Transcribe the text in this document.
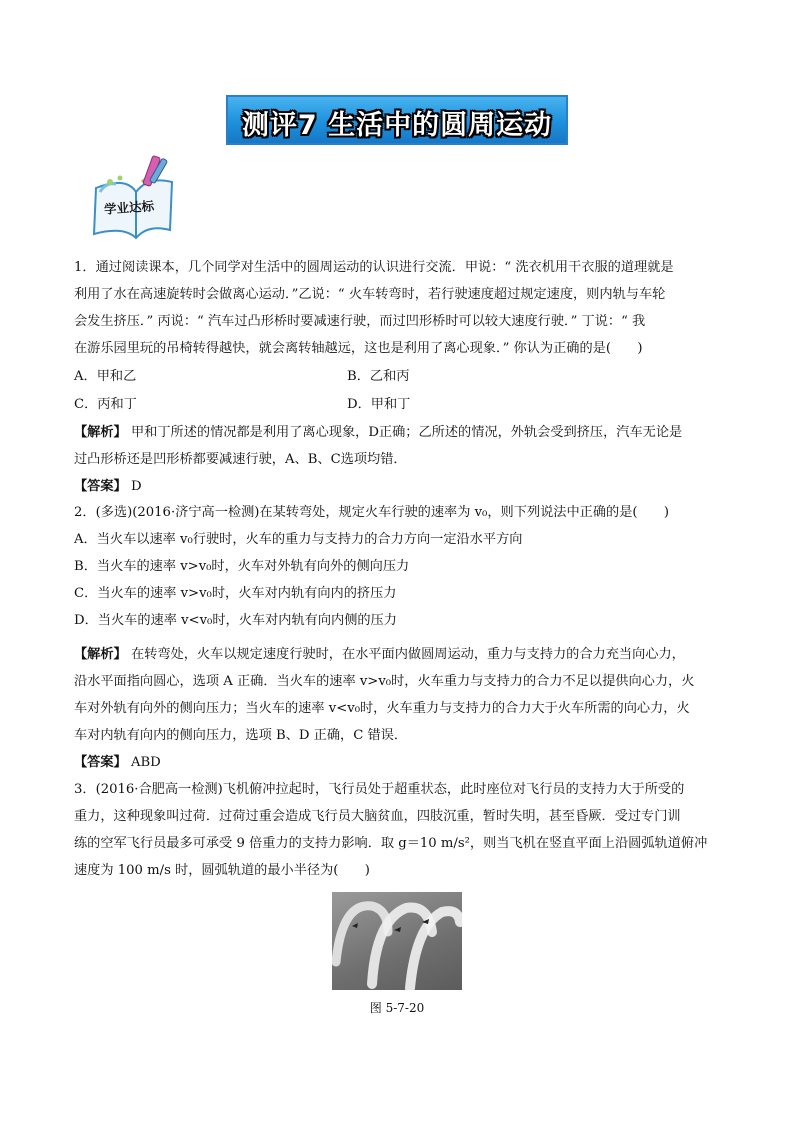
测评7 生活中的圆周运动
学业达标
1．通过阅读课本，几个同学对生活中的圆周运动的认识进行交流．甲说：“ 洗衣机用干衣服的道理就是
利用了水在高速旋转时会做离心运动．”乙说：“ 火车转弯时，若行驶速度超过规定速度，则内轨与车轮
会发生挤压．” 丙说：“ 汽车过凸形桥时要减速行驶，而过凹形桥时可以较大速度行驶．” 丁说：“ 我
在游乐园里玩的吊椅转得越快，就会离转轴越远，这也是利用了离心现象．” 你认为正确的是(　　)
A．甲和乙	B．乙和丙
C．丙和丁	D．甲和丁
【解析】 甲和丁所述的情况都是利用了离心现象，D正确；乙所述的情况，外轨会受到挤压，汽车无论是
过凸形桥还是凹形桥都要减速行驶，A、B、C选项均错．
【答案】 D
2．(多选)(2016·济宁高一检测)在某转弯处，规定火车行驶的速率为 v₀，则下列说法中正确的是(　　)
A．当火车以速率 v₀行驶时，火车的重力与支持力的合力方向一定沿水平方向
B．当火车的速率 v>v₀时，火车对外轨有向外的侧向压力
C．当火车的速率 v>v₀时，火车对内轨有向内的挤压力
D．当火车的速率 v<v₀时，火车对内轨有向内侧的压力
【解析】 在转弯处，火车以规定速度行驶时，在水平面内做圆周运动，重力与支持力的合力充当向心力，
沿水平面指向圆心，选项 A 正确．当火车的速率 v>v₀时，火车重力与支持力的合力不足以提供向心力，火
车对外轨有向外的侧向压力；当火车的速率 v<v₀时，火车重力与支持力的合力大于火车所需的向心力，火
车对内轨有向内的侧向压力，选项 B、D 正确，C 错误．
【答案】 ABD
3．(2016·合肥高一检测)飞机俯冲拉起时，飞行员处于超重状态，此时座位对飞行员的支持力大于所受的
重力，这种现象叫过荷．过荷过重会造成飞行员大脑贫血，四肢沉重，暂时失明，甚至昏厥．受过专门训
练的空军飞行员最多可承受 9 倍重力的支持力影响．取 g＝10 m/s²，则当飞机在竖直平面上沿圆弧轨道俯冲
速度为 100 m/s 时，圆弧轨道的最小半径为(　　)
图 5-7-20
